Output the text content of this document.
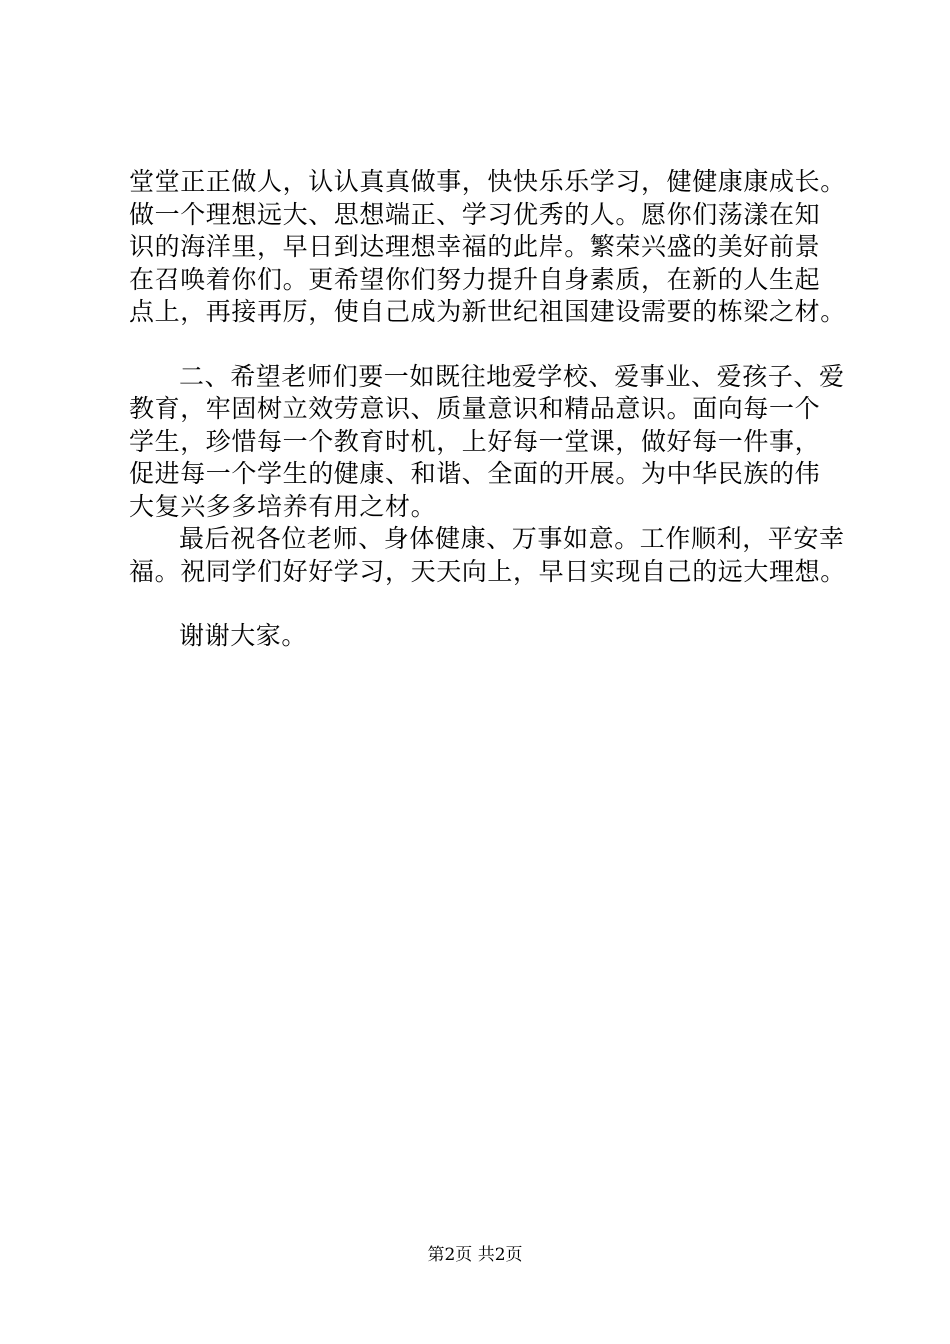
堂堂正正做人，认认真真做事，快快乐乐学习，健健康康成长。
做一个理想远大、思想端正、学习优秀的人。愿你们荡漾在知
识的海洋里，早日到达理想幸福的此岸。繁荣兴盛的美好前景
在召唤着你们。更希望你们努力提升自身素质，在新的人生起
点上，再接再厉，使自己成为新世纪祖国建设需要的栋梁之材。
二、希望老师们要一如既往地爱学校、爱事业、爱孩子、爱
教育，牢固树立效劳意识、质量意识和精品意识。面向每一个
学生，珍惜每一个教育时机，上好每一堂课，做好每一件事，
促进每一个学生的健康、和谐、全面的开展。为中华民族的伟
大复兴多多培养有用之材。
最后祝各位老师、身体健康、万事如意。工作顺利，平安幸
福。祝同学们好好学习，天天向上，早日实现自己的远大理想。
谢谢大家。
第2页 共2页
